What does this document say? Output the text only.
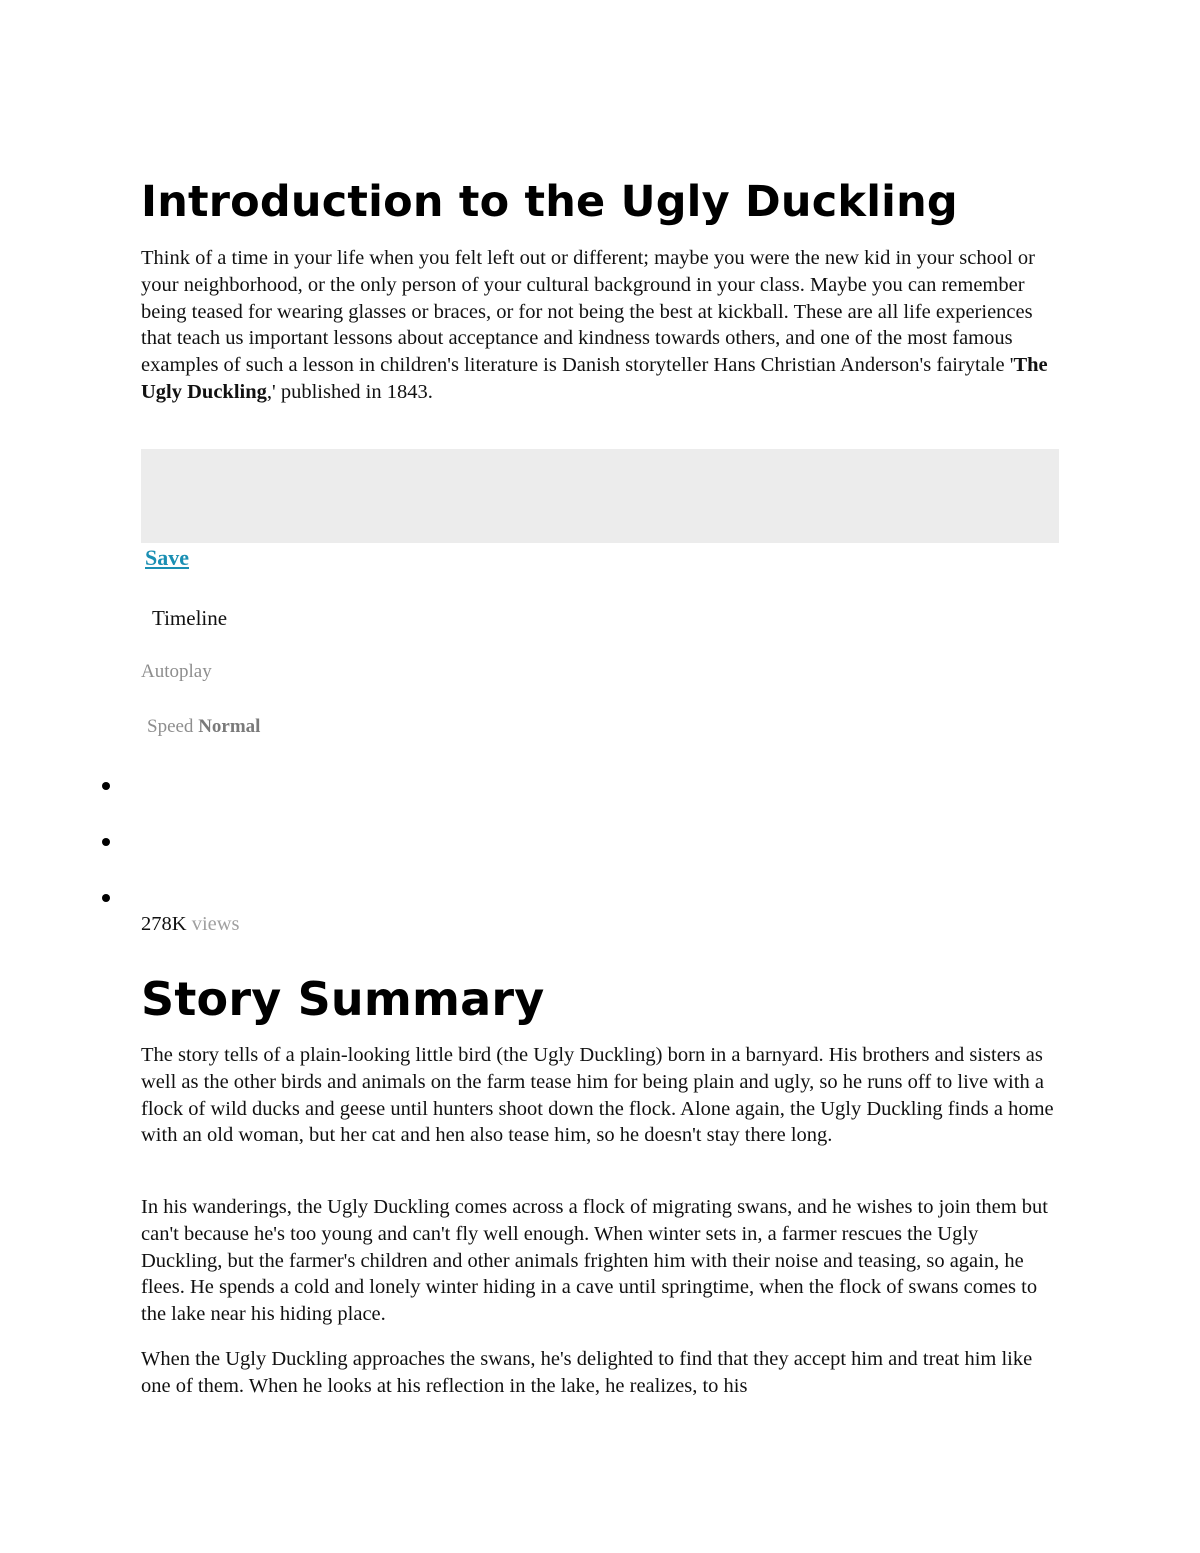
Introduction to the Ugly Duckling

Think of a time in your life when you felt left out or different; maybe you were the new kid in your school or your neighborhood, or the only person of your cultural background in your class. Maybe you can remember being teased for wearing glasses or braces, or for not being the best at kickball. These are all life experiences that teach us important lessons about acceptance and kindness towards others, and one of the most famous examples of such a lesson in children's literature is Danish storyteller Hans Christian Anderson's fairytale 'The Ugly Duckling,' published in 1843.

Save
Timeline
Autoplay
Speed Normal
278K views
Story Summary

The story tells of a plain-looking little bird (the Ugly Duckling) born in a barnyard. His brothers and sisters as well as the other birds and animals on the farm tease him for being plain and ugly, so he runs off to live with a flock of wild ducks and geese until hunters shoot down the flock. Alone again, the Ugly Duckling finds a home with an old woman, but her cat and hen also tease him, so he doesn't stay there long.

In his wanderings, the Ugly Duckling comes across a flock of migrating swans, and he wishes to join them but can't because he's too young and can't fly well enough. When winter sets in, a farmer rescues the Ugly Duckling, but the farmer's children and other animals frighten him with their noise and teasing, so again, he flees. He spends a cold and lonely winter hiding in a cave until springtime, when the flock of swans comes to the lake near his hiding place.

When the Ugly Duckling approaches the swans, he's delighted to find that they accept him and treat him like one of them. When he looks at his reflection in the lake, he realizes, to his
